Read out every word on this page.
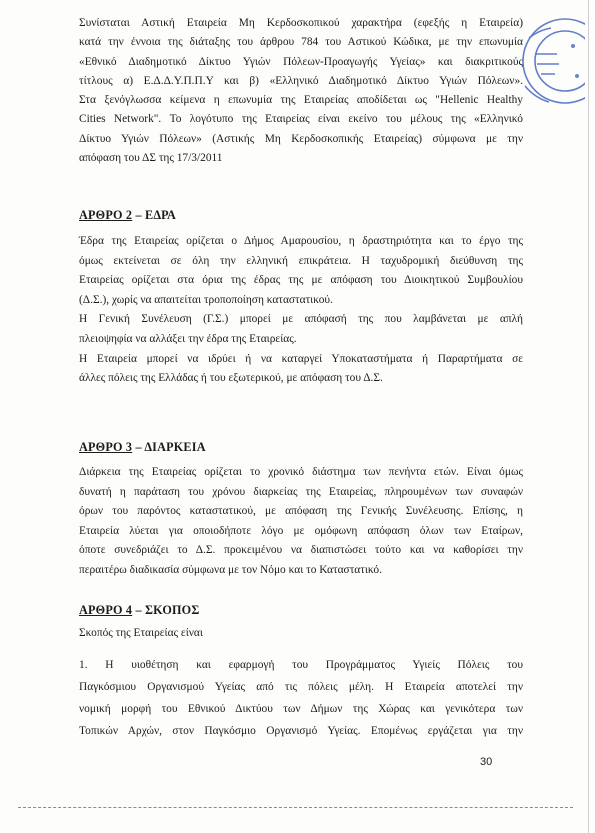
Συνίσταται Αστική Εταιρεία Μη Κερδοσκοπικού χαρακτήρα (εφεξής η Εταιρεία)

κατά την έννοια της διάταξης του άρθρου 784 του Αστικού Κώδικα, με την επωνυμία

«Εθνικό Διαδημοτικό Δίκτυο Υγιών Πόλεων-Προαγωγής Υγείας» και διακριτικούς

τίτλους α) Ε.Δ.Δ.Υ.Π.Π.Υ και β) «Ελληνικό Διαδημοτικό Δίκτυο Υγιών Πόλεων».

Στα ξενόγλωσσα κείμενα η επωνυμία της Εταιρείας αποδίδεται ως "Hellenic Healthy

Cities Network". Το λογότυπο της Εταιρείας είναι εκείνο του μέλους της «Ελληνικό

Δίκτυο Υγιών Πόλεων» (Αστικής Μη Κερδοσκοπικής Εταιρείας) σύμφωνα με την

απόφαση του ΔΣ της 17/3/2011

ΑΡΘΡΟ 2 – ΕΔΡΑ

Έδρα της Εταιρείας ορίζεται ο Δήμος Αμαρουσίου, η δραστηριότητα και το έργο της

όμως εκτείνεται σε όλη την ελληνική επικράτεια. Η ταχυδρομική διεύθυνση της

Εταιρείας ορίζεται στα όρια της έδρας της με απόφαση του Διοικητικού Συμβουλίου

(Δ.Σ.), χωρίς να απαιτείται τροποποίηση καταστατικού.

Η Γενική Συνέλευση (Γ.Σ.) μπορεί με απόφασή της που λαμβάνεται με απλή

πλειοψηφία να αλλάξει την έδρα της Εταιρείας.

Η Εταιρεία μπορεί να ιδρύει ή να καταργεί Υποκαταστήματα ή Παραρτήματα σε

άλλες πόλεις της Ελλάδας ή του εξωτερικού, με απόφαση του Δ.Σ.

ΑΡΘΡΟ 3 – ΔΙΑΡΚΕΙΑ

Διάρκεια της Εταιρείας ορίζεται το χρονικό διάστημα των πενήντα ετών. Είναι όμως

δυνατή η παράταση του χρόνου διαρκείας της Εταιρείας, πληρουμένων των συναφών

όρων του παρόντος καταστατικού, με απόφαση της Γενικής Συνέλευσης. Επίσης, η

Εταιρεία λύεται για οποιοδήποτε λόγο με ομόφωνη απόφαση όλων των Εταίρων,

όποτε συνεδριάζει το Δ.Σ. προκειμένου να διαπιστώσει τούτο και να καθορίσει την

περαιτέρω διαδικασία σύμφωνα με τον Νόμο και το Καταστατικό.

ΑΡΘΡΟ 4 – ΣΚΟΠΟΣ

Σκοπός της Εταιρείας είναι

1. Η υιοθέτηση και εφαρμογή του Προγράμματος Υγιείς Πόλεις του

Παγκόσμιου Οργανισμού Υγείας από τις πόλεις μέλη. Η Εταιρεία αποτελεί την

νομική μορφή του Εθνικού Δικτύου των Δήμων της Χώρας και γενικότερα των

Τοπικών Αρχών, στον Παγκόσμιο Οργανισμό Υγείας. Επομένως εργάζεται για την

30
